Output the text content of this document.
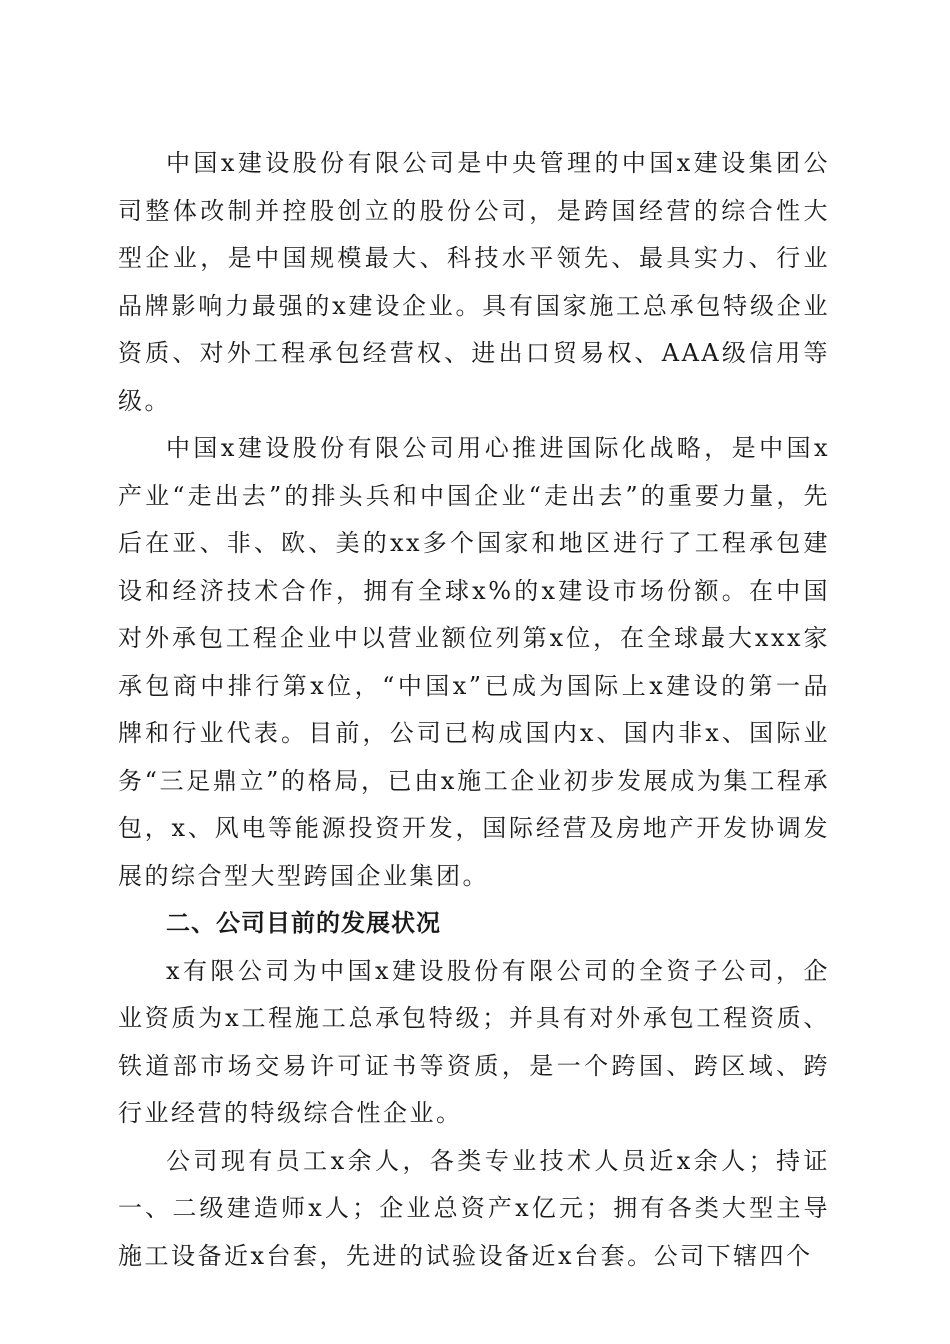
中国x建设股份有限公司是中央管理的中国x建设集团公司整体改制并控股创立的股份公司，是跨国经营的综合性大型企业，是中国规模最大、科技水平领先、最具实力、行业品牌影响力最强的x建设企业。具有国家施工总承包特级企业资质、对外工程承包经营权、进出口贸易权、AAA级信用等级。

中国x建设股份有限公司用心推进国际化战略，是中国x产业“走出去”的排头兵和中国企业“走出去”的重要力量，先后在亚、非、欧、美的xx多个国家和地区进行了工程承包建设和经济技术合作，拥有全球x%的x建设市场份额。在中国对外承包工程企业中以营业额位列第x位，在全球最大xxx家承包商中排行第x位，“中国x”已成为国际上x建设的第一品牌和行业代表。目前，公司已构成国内x、国内非x、国际业务“三足鼎立”的格局，已由x施工企业初步发展成为集工程承包，x、风电等能源投资开发，国际经营及房地产开发协调发展的综合型大型跨国企业集团。

二、公司目前的发展状况

x有限公司为中国x建设股份有限公司的全资子公司，企业资质为x工程施工总承包特级；并具有对外承包工程资质、铁道部市场交易许可证书等资质，是一个跨国、跨区域、跨行业经营的特级综合性企业。

公司现有员工x余人，各类专业技术人员近x余人；持证一、二级建造师x人；企业总资产x亿元；拥有各类大型主导施工设备近x台套，先进的试验设备近x台套。公司下辖四个
